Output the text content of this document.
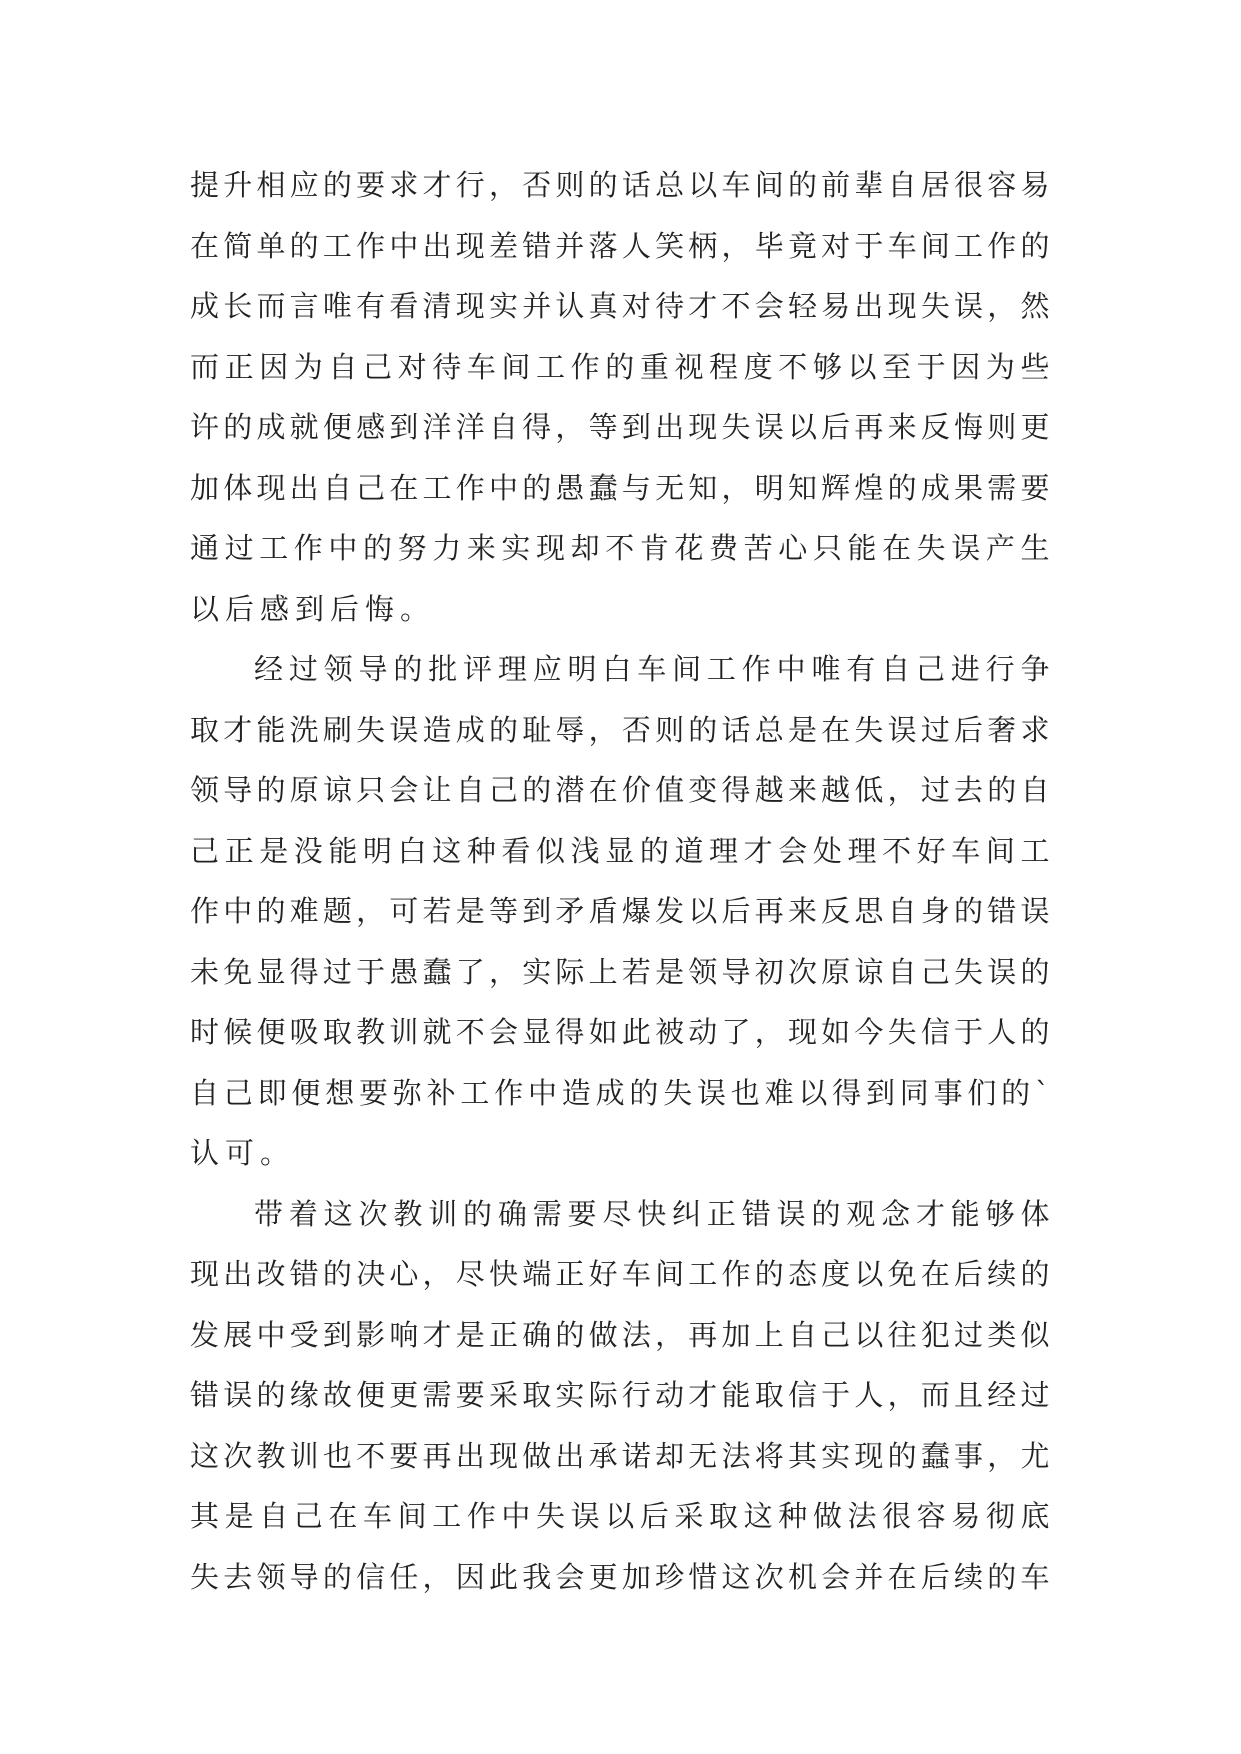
提升相应的要求才行，否则的话总以车间的前辈自居很容易
在简单的工作中出现差错并落人笑柄，毕竟对于车间工作的
成长而言唯有看清现实并认真对待才不会轻易出现失误，然
而正因为自己对待车间工作的重视程度不够以至于因为些
许的成就便感到洋洋自得，等到出现失误以后再来反悔则更
加体现出自己在工作中的愚蠢与无知，明知辉煌的成果需要
通过工作中的努力来实现却不肯花费苦心只能在失误产生
以后感到后悔。
经过领导的批评理应明白车间工作中唯有自己进行争
取才能洗刷失误造成的耻辱，否则的话总是在失误过后奢求
领导的原谅只会让自己的潜在价值变得越来越低，过去的自
己正是没能明白这种看似浅显的道理才会处理不好车间工
作中的难题，可若是等到矛盾爆发以后再来反思自身的错误
未免显得过于愚蠢了，实际上若是领导初次原谅自己失误的
时候便吸取教训就不会显得如此被动了，现如今失信于人的
自己即便想要弥补工作中造成的失误也难以得到同事们的`
认可。
带着这次教训的确需要尽快纠正错误的观念才能够体
现出改错的决心，尽快端正好车间工作的态度以免在后续的
发展中受到影响才是正确的做法，再加上自己以往犯过类似
错误的缘故便更需要采取实际行动才能取信于人，而且经过
这次教训也不要再出现做出承诺却无法将其实现的蠢事，尤
其是自己在车间工作中失误以后采取这种做法很容易彻底
失去领导的信任，因此我会更加珍惜这次机会并在后续的车
